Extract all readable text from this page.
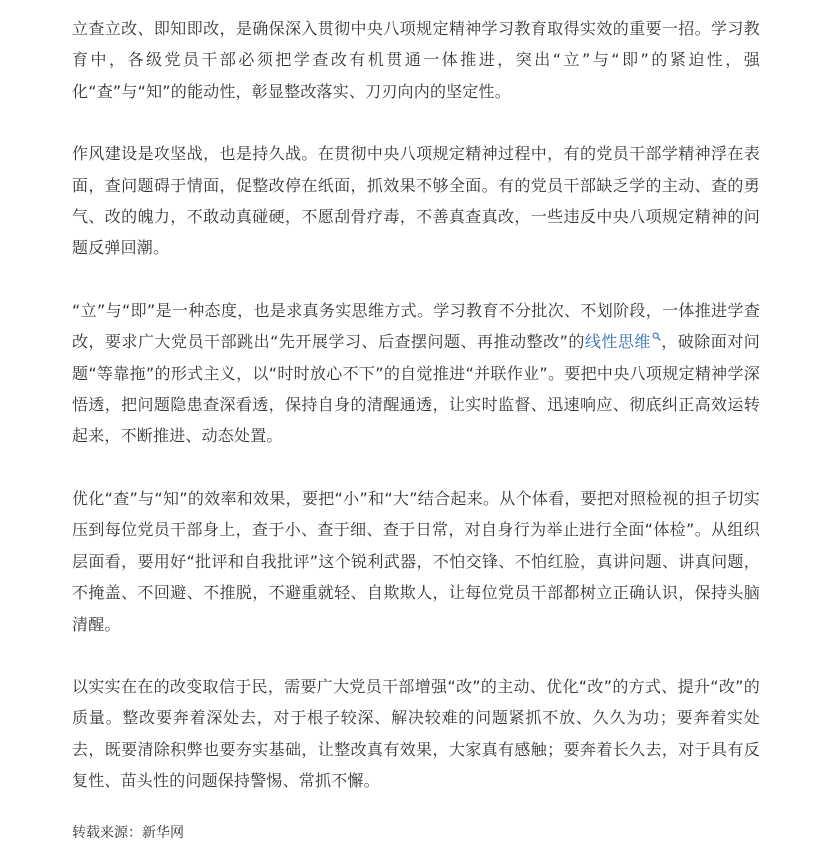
立查立改、即知即改，是确保深入贯彻中央八项规定精神学习教育取得实效的重要一招。学习教育中，各级党员干部必须把学查改有机贯通一体推进，突出“立”与“即”的紧迫性，强化“查”与“知”的能动性，彰显整改落实、刀刃向内的坚定性。

作风建设是攻坚战，也是持久战。在贯彻中央八项规定精神过程中，有的党员干部学精神浮在表面，查问题碍于情面，促整改停在纸面，抓效果不够全面。有的党员干部缺乏学的主动、查的勇气、改的魄力，不敢动真碰硬，不愿刮骨疗毒，不善真查真改，一些违反中央八项规定精神的问题反弹回潮。

“立”与“即”是一种态度，也是求真务实思维方式。学习教育不分批次、不划阶段，一体推进学查改，要求广大党员干部跳出“先开展学习、后查摆问题、再推动整改”的线性思维 ，破除面对问题“等靠拖”的形式主义，以“时时放心不下”的自觉推进“并联作业”。要把中央八项规定精神学深悟透，把问题隐患查深看透，保持自身的清醒通透，让实时监督、迅速响应、彻底纠正高效运转起来，不断推进、动态处置。

优化“查”与“知”的效率和效果，要把“小”和“大”结合起来。从个体看，要把对照检视的担子切实压到每位党员干部身上，查于小、查于细、查于日常，对自身行为举止进行全面“体检”。从组织层面看，要用好“批评和自我批评”这个锐利武器，不怕交锋、不怕红脸，真讲问题、讲真问题，不掩盖、不回避、不推脱，不避重就轻、自欺欺人，让每位党员干部都树立正确认识，保持头脑清醒。

以实实在在的改变取信于民，需要广大党员干部增强“改”的主动、优化“改”的方式、提升“改”的质量。整改要奔着深处去，对于根子较深、解决较难的问题紧抓不放、久久为功；要奔着实处去，既要清除积弊也要夯实基础，让整改真有效果，大家真有感触；要奔着长久去，对于具有反复性、苗头性的问题保持警惕、常抓不懈。

转载来源：新华网
